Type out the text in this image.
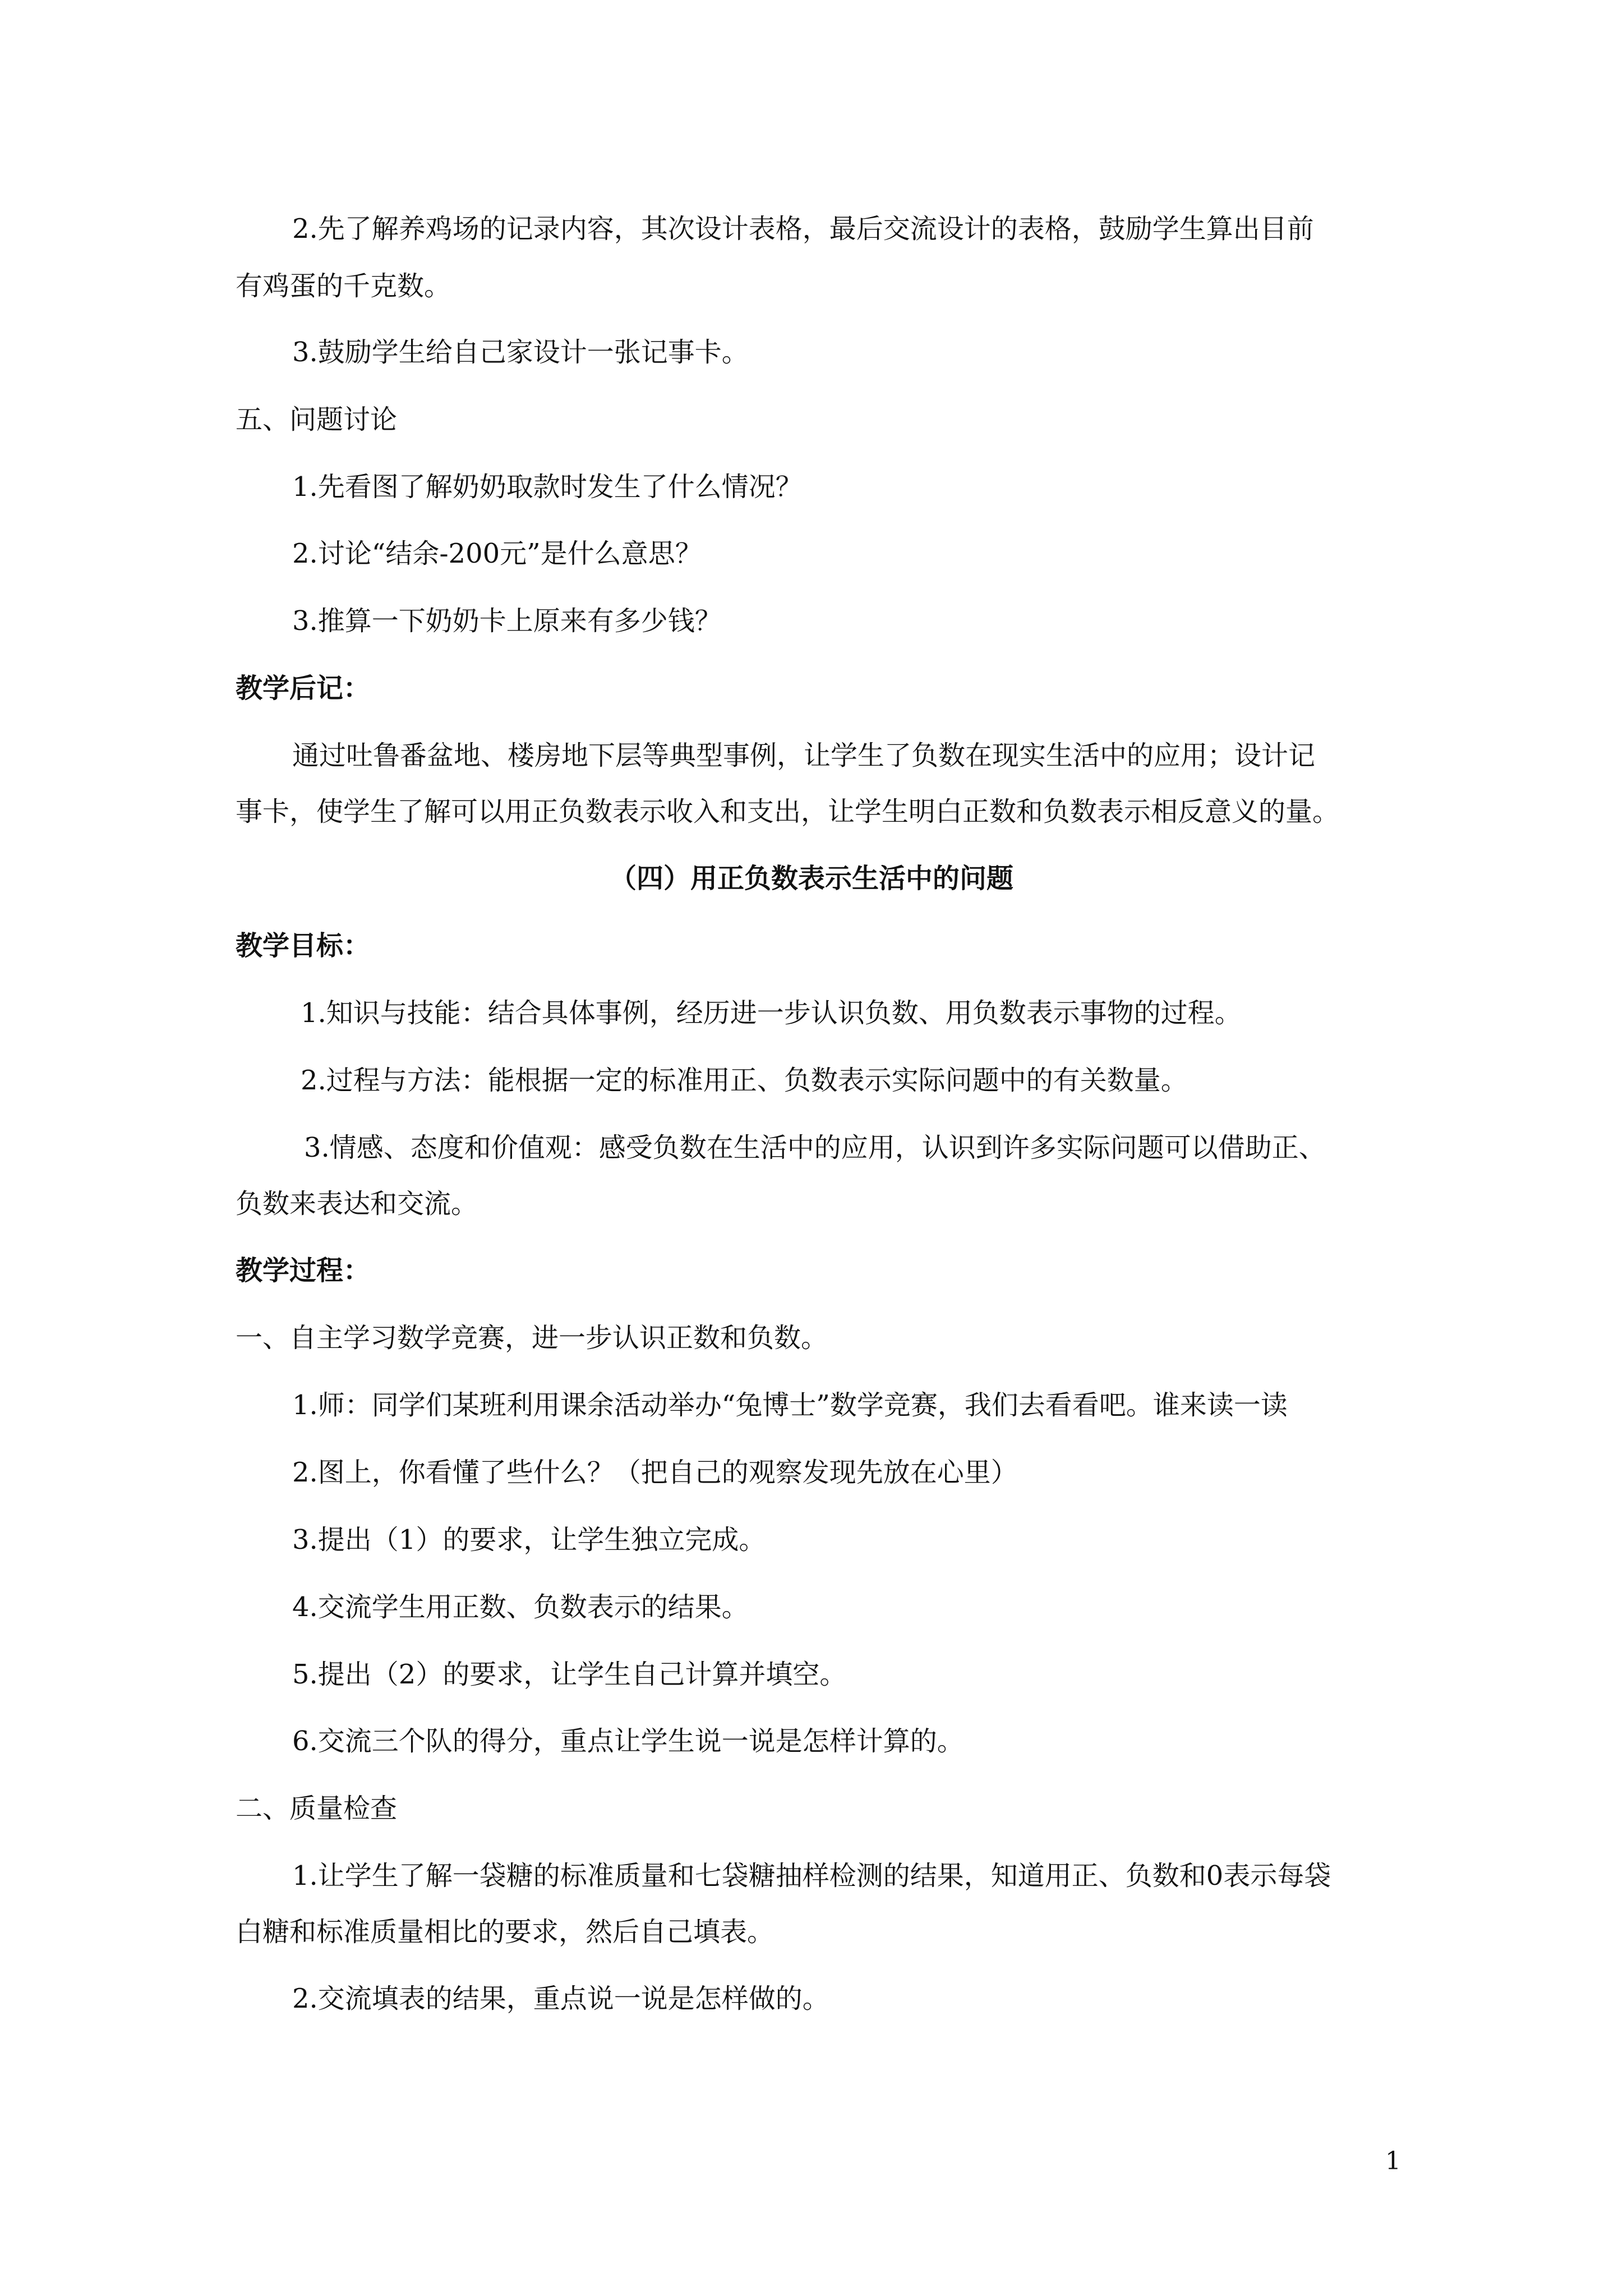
2.先了解养鸡场的记录内容，其次设计表格，最后交流设计的表格，鼓励学生算出目前
有鸡蛋的千克数。
3.鼓励学生给自己家设计一张记事卡。
五、问题讨论
1.先看图了解奶奶取款时发生了什么情况？
2.讨论“结余-200元”是什么意思？
3.推算一下奶奶卡上原来有多少钱？
教学后记：
通过吐鲁番盆地、楼房地下层等典型事例，让学生了负数在现实生活中的应用；设计记
事卡，使学生了解可以用正负数表示收入和支出，让学生明白正数和负数表示相反意义的量。
（四）用正负数表示生活中的问题
教学目标：
1.知识与技能：结合具体事例，经历进一步认识负数、用负数表示事物的过程。
2.过程与方法：能根据一定的标准用正、负数表示实际问题中的有关数量。
3.情感、态度和价值观：感受负数在生活中的应用，认识到许多实际问题可以借助正、
负数来表达和交流。
教学过程：
一、自主学习数学竞赛，进一步认识正数和负数。
1.师：同学们某班利用课余活动举办“兔博士”数学竞赛，我们去看看吧。谁来读一读
2.图上，你看懂了些什么？（把自己的观察发现先放在心里）
3.提出（1）的要求，让学生独立完成。
4.交流学生用正数、负数表示的结果。
5.提出（2）的要求，让学生自己计算并填空。
6.交流三个队的得分，重点让学生说一说是怎样计算的。
二、质量检查
1.让学生了解一袋糖的标准质量和七袋糖抽样检测的结果，知道用正、负数和0表示每袋
白糖和标准质量相比的要求，然后自己填表。
2.交流填表的结果，重点说一说是怎样做的。
1
